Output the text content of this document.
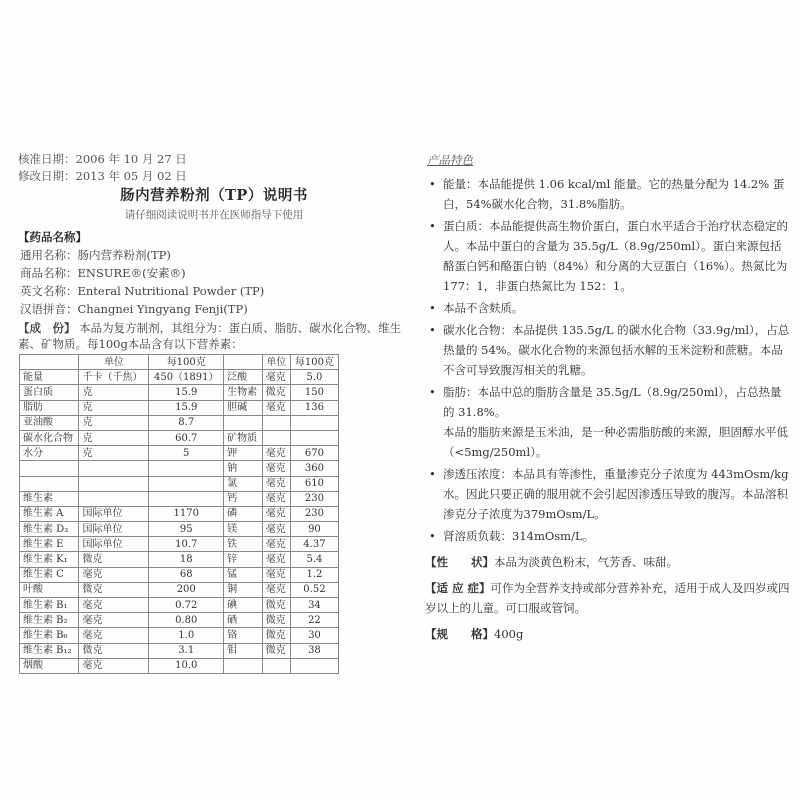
核准日期：2006 年 10 月 27 日
修改日期：2013 年 05 月 02 日
肠内营养粉剂（TP）说明书
请仔细阅读说明书并在医师指导下使用
【药品名称】
通用名称：肠内营养粉剂(TP)
商品名称：ENSURE®(安素®)
英文名称：Enteral Nutritional Powder (TP)
汉语拼音：Changnei Yingyang Fenji(TP)
【成　份】 本品为复方制剂，其组分为：蛋白质、脂肪、碳水化合物、维生素、矿物质。每100g本品含有以下营养素：
	单位	每100克		单位	每100克
能量	千卡（千焦）	450（1891）	泛酸	毫克	5.0
蛋白质	克	15.9	生物素	微克	150
脂肪	克	15.9	胆碱	毫克	136
亚油酸	克	8.7			
碳水化合物	克	60.7	矿物质		
水分	克	5	钾	毫克	670
			钠	毫克	360
			氯	毫克	610
维生素			钙	毫克	230
维生素 A	国际单位	1170	磷	毫克	230
维生素 D₃	国际单位	95	镁	毫克	90
维生素 E	国际单位	10.7	铁	毫克	4.37
维生素 K₁	微克	18	锌	毫克	5.4
维生素 C	毫克	68	锰	毫克	1.2
叶酸	微克	200	铜	毫克	0.52
维生素 B₁	毫克	0.72	碘	微克	34
维生素 B₂	毫克	0.80	硒	微克	22
维生素 B₆	毫克	1.0	铬	微克	30
维生素 B₁₂	微克	3.1	钼	微克	38
烟酸	毫克	10.0			
产品特色
• 能量：本品能提供 1.06 kcal/ml 能量。它的热量分配为 14.2% 蛋白，54%碳水化合物，31.8%脂肪。
• 蛋白质：本品能提供高生物价蛋白，蛋白水平适合于治疗状态稳定的人。本品中蛋白的含量为 35.5g/L（8.9g/250ml）。蛋白来源包括酪蛋白钙和酪蛋白钠（84%）和分离的大豆蛋白（16%）。热氮比为 177：1，非蛋白热氮比为 152：1。
• 本品不含麸质。
• 碳水化合物：本品提供 135.5g/L 的碳水化合物（33.9g/ml），占总热量的 54%。碳水化合物的来源包括水解的玉米淀粉和蔗糖。本品不含可导致腹泻相关的乳糖。
• 脂肪：本品中总的脂肪含量是 35.5g/L（8.9g/250ml），占总热量的 31.8%。
本品的脂肪来源是玉米油，是一种必需脂肪酸的来源，胆固醇水平低（<5mg/250ml）。
• 渗透压浓度：本品具有等渗性，重量渗克分子浓度为 443mOsm/kg水。因此只要正确的服用就不会引起因渗透压导致的腹泻。本品溶积渗克分子浓度为379mOsm/L。
• 肾溶质负载：314mOsm/L。
【性　　状】本品为淡黄色粉末，气芳香、味甜。
【适 应 症】可作为全营养支持或部分营养补充，适用于成人及四岁或四岁以上的儿童。可口服或管饲。
【规　　格】400g
